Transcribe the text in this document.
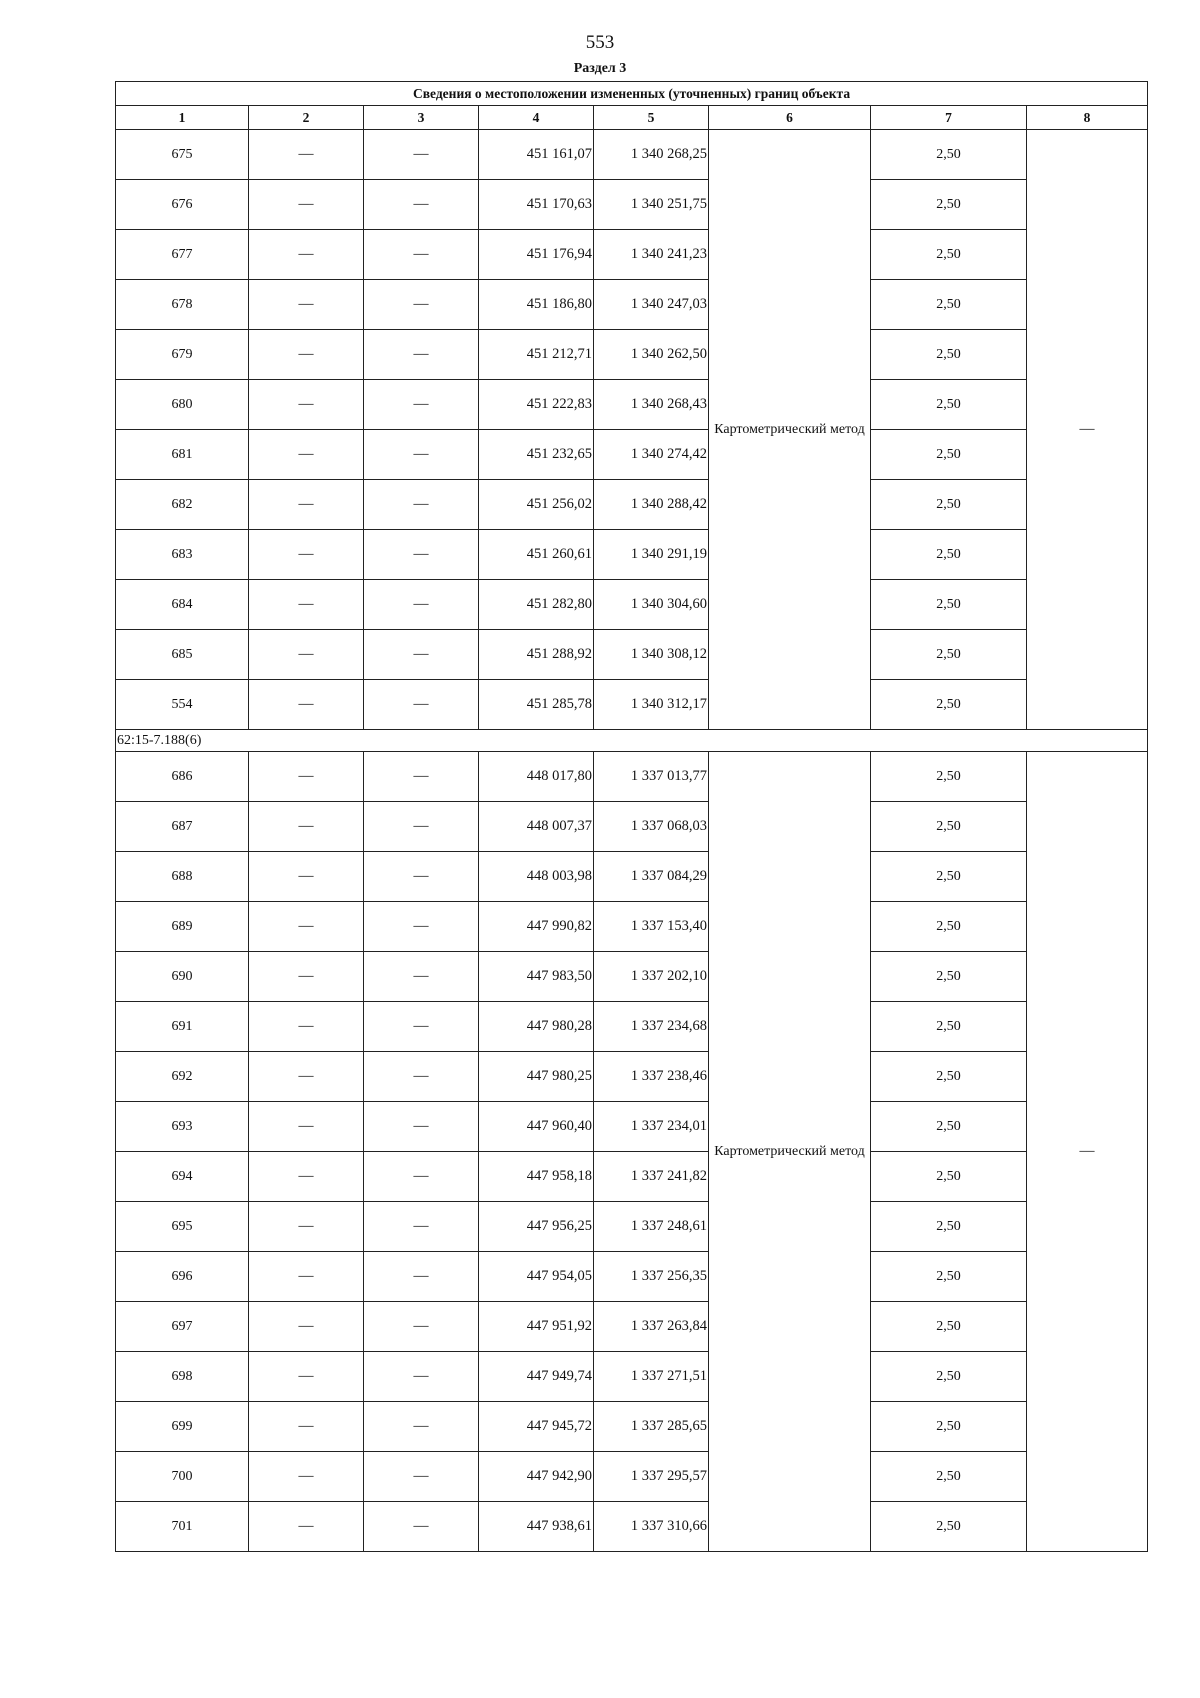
553
Раздел 3
Сведения о местоположении измененных (уточненных) границ объекта							
1	2	3	4	5	6	7	8
675	—	—	451 161,07	1 340 268,25	Картометрический метод	2,50	—
676	—	—	451 170,63	1 340 251,75		2,50	
677	—	—	451 176,94	1 340 241,23		2,50	
678	—	—	451 186,80	1 340 247,03		2,50	
679	—	—	451 212,71	1 340 262,50		2,50	
680	—	—	451 222,83	1 340 268,43		2,50	
681	—	—	451 232,65	1 340 274,42		2,50	
682	—	—	451 256,02	1 340 288,42		2,50	
683	—	—	451 260,61	1 340 291,19		2,50	
684	—	—	451 282,80	1 340 304,60		2,50	
685	—	—	451 288,92	1 340 308,12		2,50	
554	—	—	451 285,78	1 340 312,17		2,50	
62:15-7.188(6)							
686	—	—	448 017,80	1 337 013,77	Картометрический метод	2,50	—
687	—	—	448 007,37	1 337 068,03		2,50	
688	—	—	448 003,98	1 337 084,29		2,50	
689	—	—	447 990,82	1 337 153,40		2,50	
690	—	—	447 983,50	1 337 202,10		2,50	
691	—	—	447 980,28	1 337 234,68		2,50	
692	—	—	447 980,25	1 337 238,46		2,50	
693	—	—	447 960,40	1 337 234,01		2,50	
694	—	—	447 958,18	1 337 241,82		2,50	
695	—	—	447 956,25	1 337 248,61		2,50	
696	—	—	447 954,05	1 337 256,35		2,50	
697	—	—	447 951,92	1 337 263,84		2,50	
698	—	—	447 949,74	1 337 271,51		2,50	
699	—	—	447 945,72	1 337 285,65		2,50	
700	—	—	447 942,90	1 337 295,57		2,50	
701	—	—	447 938,61	1 337 310,66		2,50	
